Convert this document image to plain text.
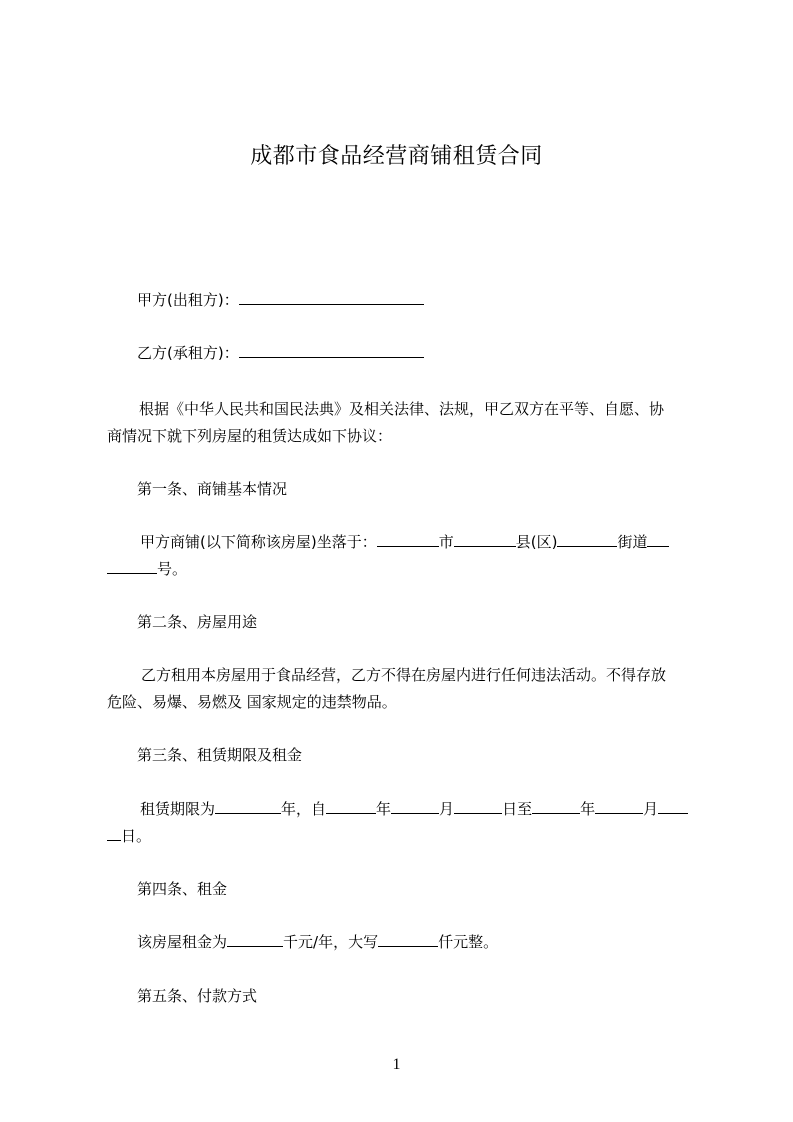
成都市食品经营商铺租赁合同
甲方(出租方)：
乙方(承租方)：
根据《中华人民共和国民法典》及相关法律、法规，甲乙双方在平等、自愿、协
商情况下就下列房屋的租赁达成如下协议：
第一条、商铺基本情况
甲方商铺(以下简称该房屋)坐落于：	市	县(区)	街道
号。
第二条、房屋用途
乙方租用本房屋用于食品经营，乙方不得在房屋内进行任何违法活动。不得存放
危险、易爆、易燃及 国家规定的违禁物品。
第三条、租赁期限及租金
租赁期限为	年，自	年	月	日至	年	月
日。
第四条、租金
该房屋租金为	千元/年，大写	仟元整。
第五条、付款方式
1
